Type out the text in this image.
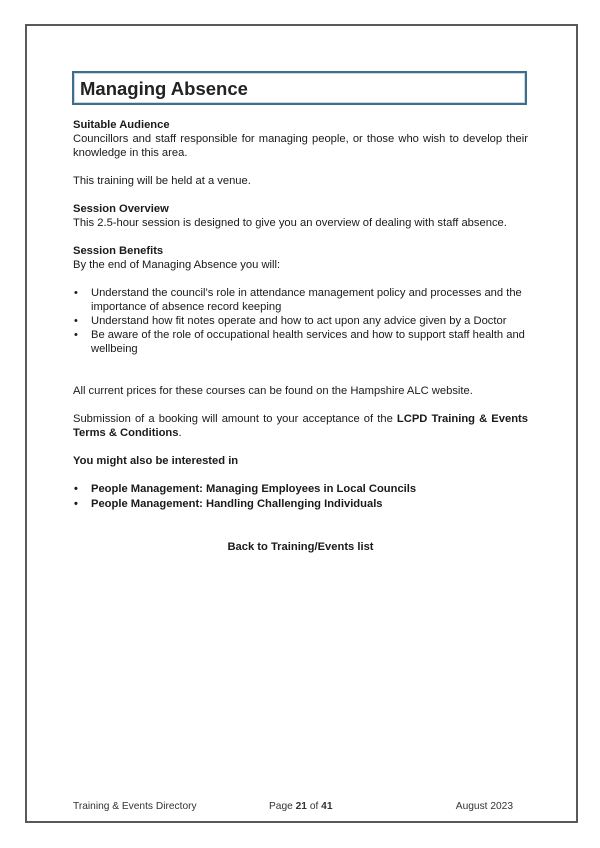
Managing Absence
Suitable Audience
Councillors and staff responsible for managing people, or those who wish to develop their knowledge in this area.
This training will be held at a venue.
Session Overview
This 2.5-hour session is designed to give you an overview of dealing with staff absence.
Session Benefits
By the end of Managing Absence you will:
• Understand the council’s role in attendance management policy and processes and the importance of absence record keeping
• Understand how fit notes operate and how to act upon any advice given by a Doctor
• Be aware of the role of occupational health services and how to support staff health and wellbeing
All current prices for these courses can be found on the Hampshire ALC website.
Submission of a booking will amount to your acceptance of the LCPD Training & Events Terms & Conditions.
You might also be interested in
• People Management: Managing Employees in Local Councils
• People Management: Handling Challenging Individuals
Back to Training/Events list
Training & Events Directory	Page 21 of 41	August 2023
